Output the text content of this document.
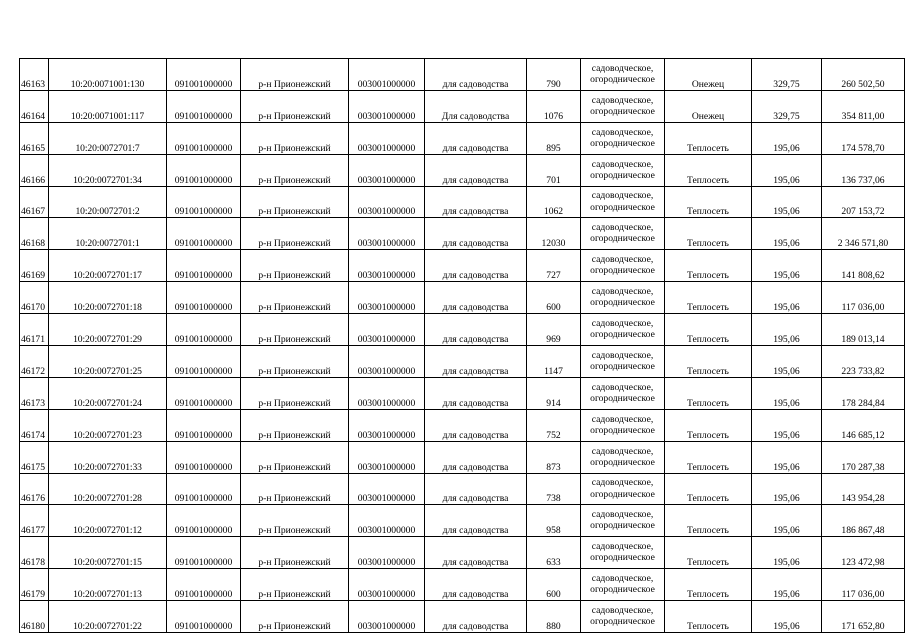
46163	10:20:0071001:130	091001000000	р-н Прионежский	003001000000	для садоводства	790	садоводческое,
огородническое	Онежец	329,75	260 502,50
46164	10:20:0071001:117	091001000000	р-н Прионежский	003001000000	Для садоводства	1076	садоводческое,
огородническое	Онежец	329,75	354 811,00
46165	10:20:0072701:7	091001000000	р-н Прионежский	003001000000	для садоводства	895	садоводческое,
огородническое	Теплосеть	195,06	174 578,70
46166	10:20:0072701:34	091001000000	р-н Прионежский	003001000000	для садоводства	701	садоводческое,
огородническое	Теплосеть	195,06	136 737,06
46167	10:20:0072701:2	091001000000	р-н Прионежский	003001000000	для садоводства	1062	садоводческое,
огородническое	Теплосеть	195,06	207 153,72
46168	10:20:0072701:1	091001000000	р-н Прионежский	003001000000	для садоводства	12030	садоводческое,
огородническое	Теплосеть	195,06	2 346 571,80
46169	10:20:0072701:17	091001000000	р-н Прионежский	003001000000	для садоводства	727	садоводческое,
огородническое	Теплосеть	195,06	141 808,62
46170	10:20:0072701:18	091001000000	р-н Прионежский	003001000000	для садоводства	600	садоводческое,
огородническое	Теплосеть	195,06	117 036,00
46171	10:20:0072701:29	091001000000	р-н Прионежский	003001000000	для садоводства	969	садоводческое,
огородническое	Теплосеть	195,06	189 013,14
46172	10:20:0072701:25	091001000000	р-н Прионежский	003001000000	для садоводства	1147	садоводческое,
огородническое	Теплосеть	195,06	223 733,82
46173	10:20:0072701:24	091001000000	р-н Прионежский	003001000000	для садоводства	914	садоводческое,
огородническое	Теплосеть	195,06	178 284,84
46174	10:20:0072701:23	091001000000	р-н Прионежский	003001000000	для садоводства	752	садоводческое,
огородническое	Теплосеть	195,06	146 685,12
46175	10:20:0072701:33	091001000000	р-н Прионежский	003001000000	для садоводства	873	садоводческое,
огородническое	Теплосеть	195,06	170 287,38
46176	10:20:0072701:28	091001000000	р-н Прионежский	003001000000	для садоводства	738	садоводческое,
огородническое	Теплосеть	195,06	143 954,28
46177	10:20:0072701:12	091001000000	р-н Прионежский	003001000000	для садоводства	958	садоводческое,
огородническое	Теплосеть	195,06	186 867,48
46178	10:20:0072701:15	091001000000	р-н Прионежский	003001000000	для садоводства	633	садоводческое,
огородническое	Теплосеть	195,06	123 472,98
46179	10:20:0072701:13	091001000000	р-н Прионежский	003001000000	для садоводства	600	садоводческое,
огородническое	Теплосеть	195,06	117 036,00
46180	10:20:0072701:22	091001000000	р-н Прионежский	003001000000	для садоводства	880	садоводческое,
огородническое	Теплосеть	195,06	171 652,80
